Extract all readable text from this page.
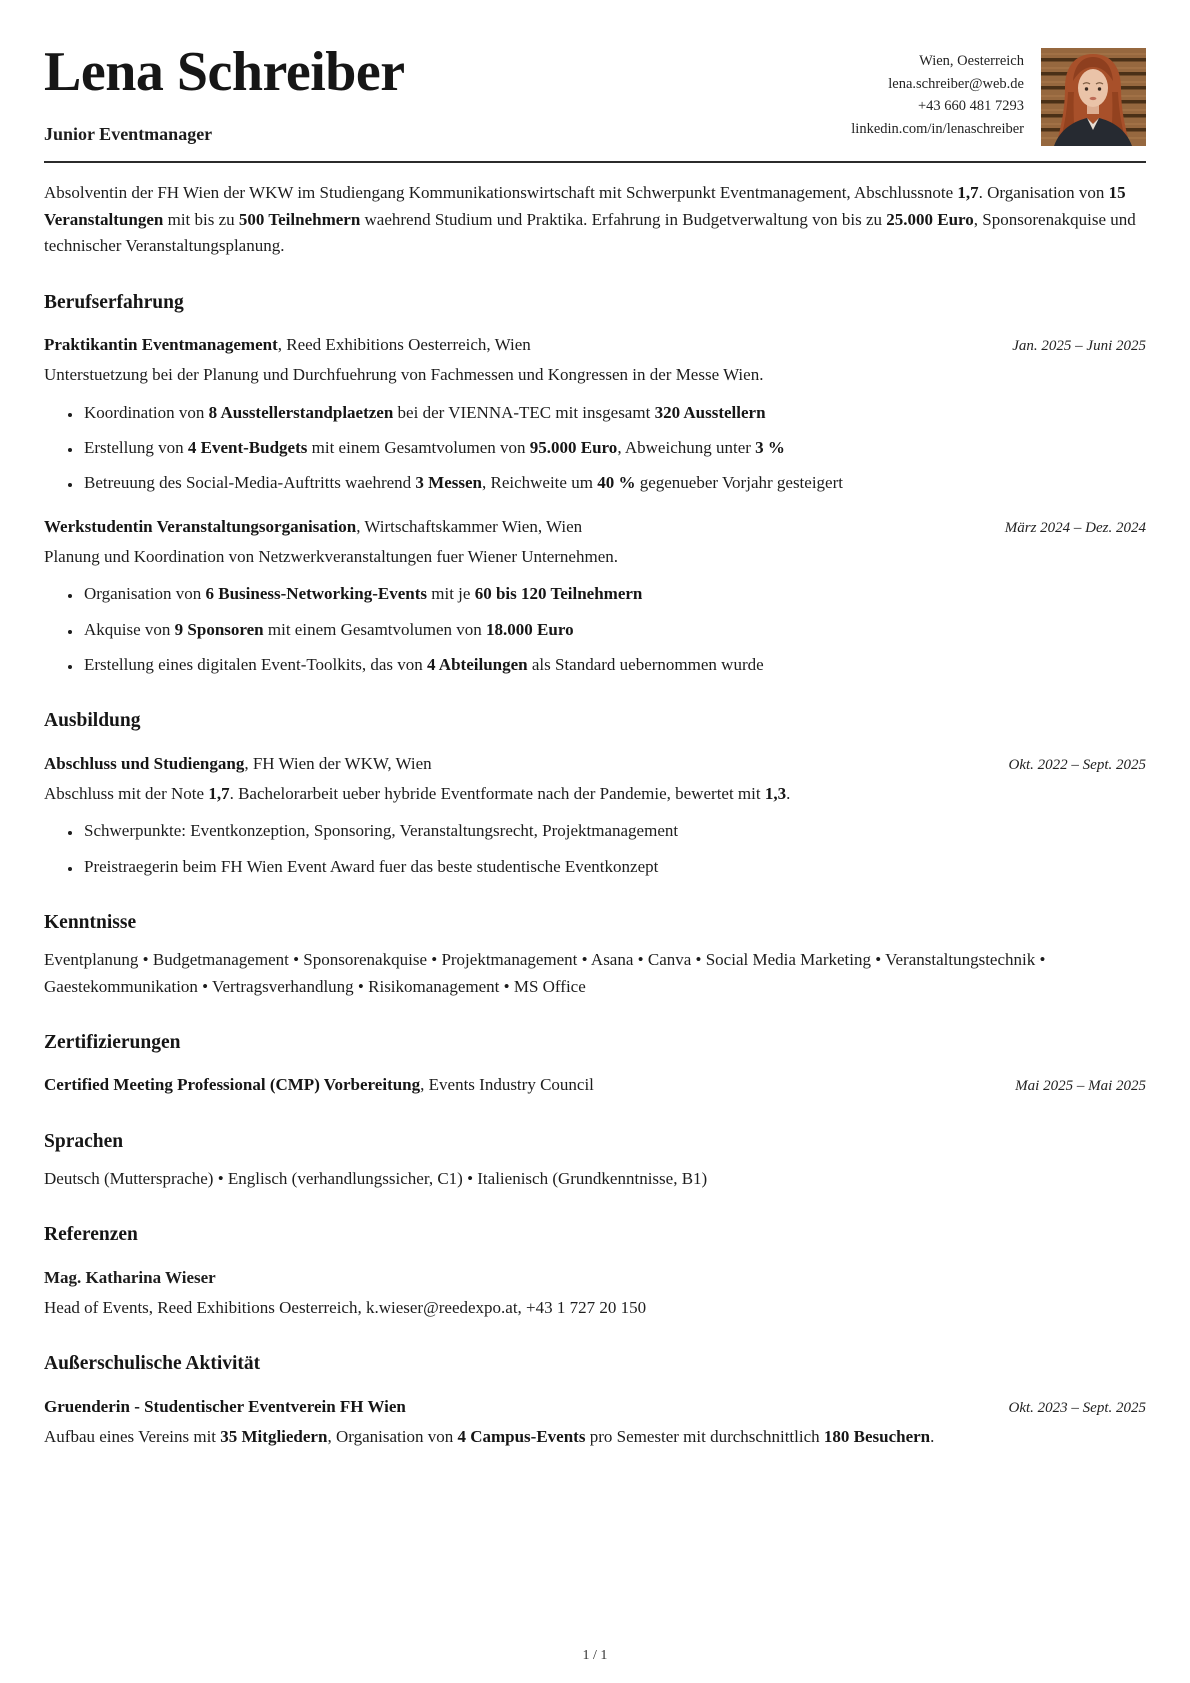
Lena Schreiber
Junior Eventmanager
Wien, Oesterreich
lena.schreiber@web.de
+43 660 481 7293
linkedin.com/in/lenaschreiber

Absolventin der FH Wien der WKW im Studiengang Kommunikationswirtschaft mit Schwerpunkt Eventmanagement, Abschlussnote 1,7. Organisation von 15 Veranstaltungen mit bis zu 500 Teilnehmern waehrend Studium und Praktika. Erfahrung in Budgetverwaltung von bis zu 25.000 Euro, Sponsorenakquise und technischer Veranstaltungsplanung.

Berufserfahrung
Praktikantin Eventmanagement, Reed Exhibitions Oesterreich, Wien	Jan. 2025 – Juni 2025

Unterstuetzung bei der Planung und Durchfuehrung von Fachmessen und Kongressen in der Messe Wien.

• Koordination von 8 Ausstellerstandplaetzen bei der VIENNA-TEC mit insgesamt 320 Ausstellern
• Erstellung von 4 Event-Budgets mit einem Gesamtvolumen von 95.000 Euro, Abweichung unter 3 %
• Betreuung des Social-Media-Auftritts waehrend 3 Messen, Reichweite um 40 % gegenueber Vorjahr gesteigert
Werkstudentin Veranstaltungsorganisation, Wirtschaftskammer Wien, Wien	März 2024 – Dez. 2024

Planung und Koordination von Netzwerkveranstaltungen fuer Wiener Unternehmen.

• Organisation von 6 Business-Networking-Events mit je 60 bis 120 Teilnehmern
• Akquise von 9 Sponsoren mit einem Gesamtvolumen von 18.000 Euro
• Erstellung eines digitalen Event-Toolkits, das von 4 Abteilungen als Standard uebernommen wurde
Ausbildung
Abschluss und Studiengang, FH Wien der WKW, Wien	Okt. 2022 – Sept. 2025

Abschluss mit der Note 1,7. Bachelorarbeit ueber hybride Eventformate nach der Pandemie, bewertet mit 1,3.

• Schwerpunkte: Eventkonzeption, Sponsoring, Veranstaltungsrecht, Projektmanagement
• Preistraegerin beim FH Wien Event Award fuer das beste studentische Eventkonzept
Kenntnisse

Eventplanung • Budgetmanagement • Sponsorenakquise • Projektmanagement • Asana • Canva • Social Media Marketing • Veranstaltungstechnik • Gaestekommunikation • Vertragsverhandlung • Risikomanagement • MS Office

Zertifizierungen
Certified Meeting Professional (CMP) Vorbereitung, Events Industry Council	Mai 2025 – Mai 2025
Sprachen

Deutsch (Muttersprache) • Englisch (verhandlungssicher, C1) • Italienisch (Grundkenntnisse, B1)

Referenzen
Mag. Katharina Wieser
Head of Events, Reed Exhibitions Oesterreich, k.wieser@reedexpo.at, +43 1 727 20 150
Außerschulische Aktivität
Gruenderin - Studentischer Eventverein FH Wien	Okt. 2023 – Sept. 2025

Aufbau eines Vereins mit 35 Mitgliedern, Organisation von 4 Campus-Events pro Semester mit durchschnittlich 180 Besuchern.

1 / 1
